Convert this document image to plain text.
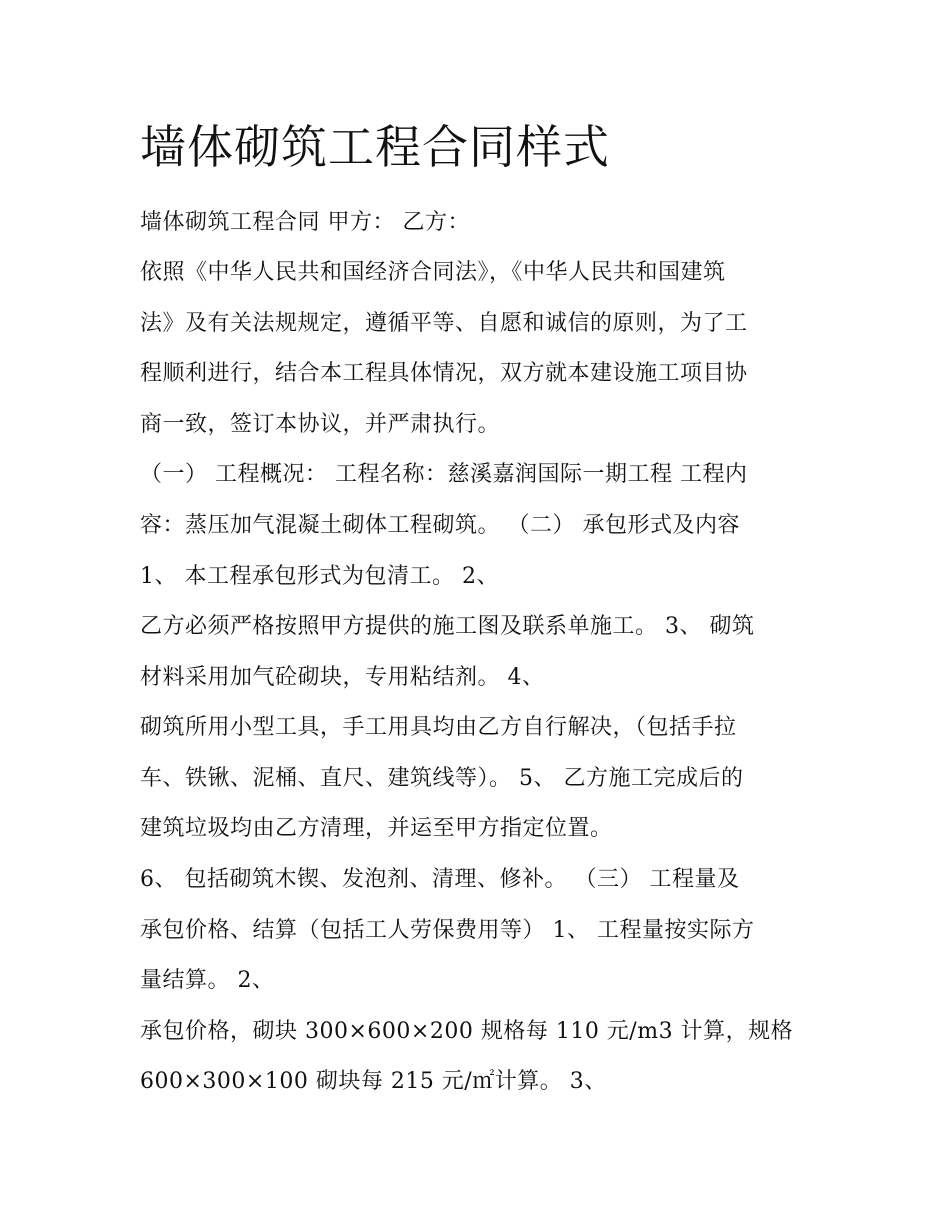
墙体砌筑工程合同样式
墙体砌筑工程合同 甲方： 乙方：
依照《中华人民共和国经济合同法》，《中华人民共和国建筑
法》及有关法规规定，遵循平等、自愿和诚信的原则，为了工
程顺利进行，结合本工程具体情况，双方就本建设施工项目协
商一致，签订本协议，并严肃执行。
（一） 工程概况： 工程名称：慈溪嘉润国际一期工程 工程内
容：蒸压加气混凝土砌体工程砌筑。 （二） 承包形式及内容
1、 本工程承包形式为包清工。 2、
乙方必须严格按照甲方提供的施工图及联系单施工。 3、 砌筑
材料采用加气砼砌块，专用粘结剂。 4、
砌筑所用小型工具，手工用具均由乙方自行解决，（包括手拉
车、铁锹、泥桶、直尺、建筑线等）。 5、 乙方施工完成后的
建筑垃圾均由乙方清理，并运至甲方指定位置。
6、 包括砌筑木锲、发泡剂、清理、修补。 （三） 工程量及
承包价格、结算（包括工人劳保费用等） 1、 工程量按实际方
量结算。 2、
承包价格，砌块 300×600×200 规格每 110 元/m3 计算，规格
600×300×100 砌块每 215 元/㎡计算。 3、
